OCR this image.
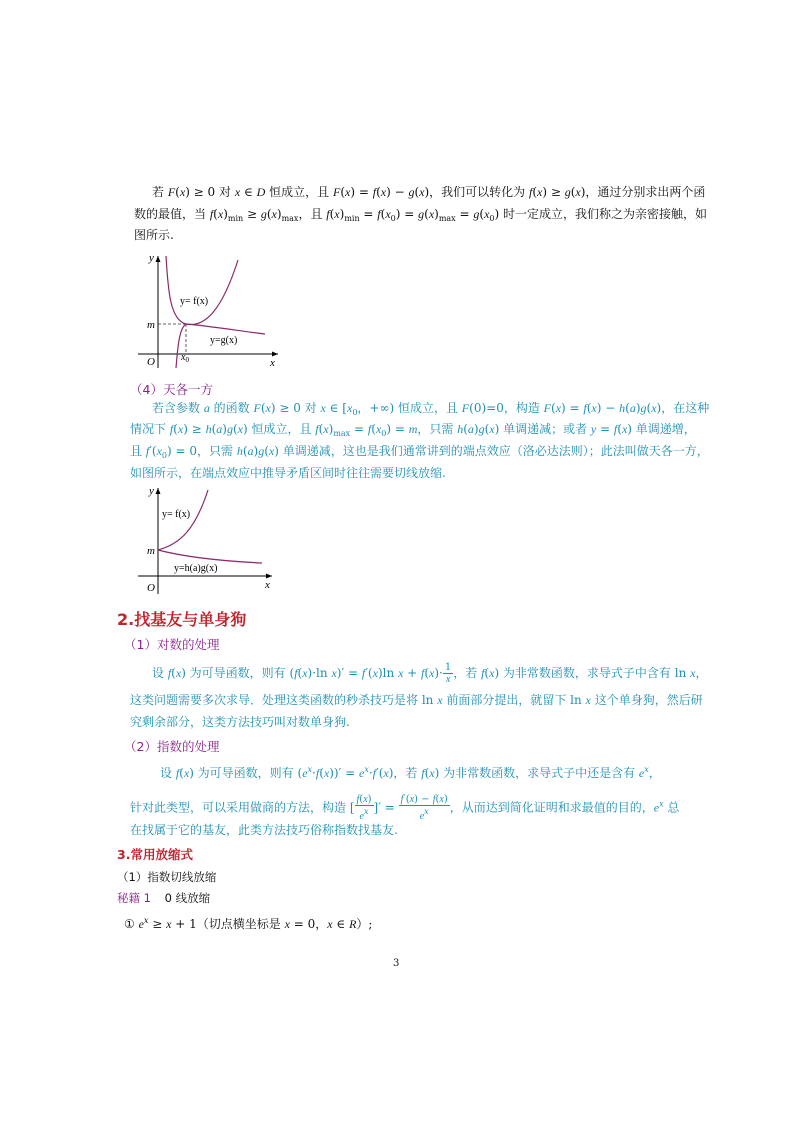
若 F(x) ≥ 0 对 x ∈ D 恒成立，且 F(x) = f(x) − g(x)，我们可以转化为 f(x) ≥ g(x)，通过分别求出两个函
数的最值，当 $f(x)_{min} \ge g(x)_{max}$，且 $f(x)_{min} = f(x_0) = g(x)_{max} = g(x_0)$ 时一定成立，我们称之为亲密接触，如
图所示.
y
x
O
m
$x_0$
y= f(x)
y=g(x)
（4）天各一方
若含参数 a 的函数 F(x) ≥ 0 对 x ∈ [$x_0$，+∞) 恒成立，且 F(0)=0，构造 F(x) = f(x) − h(a)g(x)，在这种
情况下 f(x) ≥ h(a)g(x) 恒成立，且 $f(x)_{max} = f(x_0) = m$，只需 h(a)g(x) 单调递减；或者 y = f(x) 单调递增，
且 $f'(x_0) = 0$，只需 h(a)g(x) 单调递减，这也是我们通常讲到的端点效应（洛必达法则）；此法叫做天各一方，
如图所示，在端点效应中推导矛盾区间时往往需要切线放缩.
y
x
O
m
y= f(x)
y=h(a)g(x)
2.找基友与单身狗
（1）对数的处理
设 f(x) 为可导函数，则有 (f(x)·ln x)′ = f′(x)ln $x + f(x)\cdot \frac{1}{x}$ ，若 f(x) 为非常数函数，求导式子中含有 ln x，
这类问题需要多次求导．处理这类函数的秒杀技巧是将 ln x 前面部分提出，就留下 ln x 这个单身狗，然后研
究剩余部分，这类方法技巧叫对数单身狗.
（2）指数的处理
设 f(x) 为可导函数，则有 $(e^x\cdot f(x))' = e^x\cdot f'(x)$，若 f(x) 为非常数函数，求导式子中还是含有 $e^x$，
针对此类型，可以采用做商的方法，构造 [ $\frac{f(x)}{e^x}$ ]′ = $\frac{f'(x) - f(x)}{e^x}$ ，从而达到简化证明和求最值的目的，$e^x$ 总
在找属于它的基友，此类方法技巧俗称指数找基友.
3.常用放缩式
（1）指数切线放缩
秘籍 1 0 线放缩
① $e^x \ge x + 1$（切点横坐标是 x = 0，x ∈ R）;
3
